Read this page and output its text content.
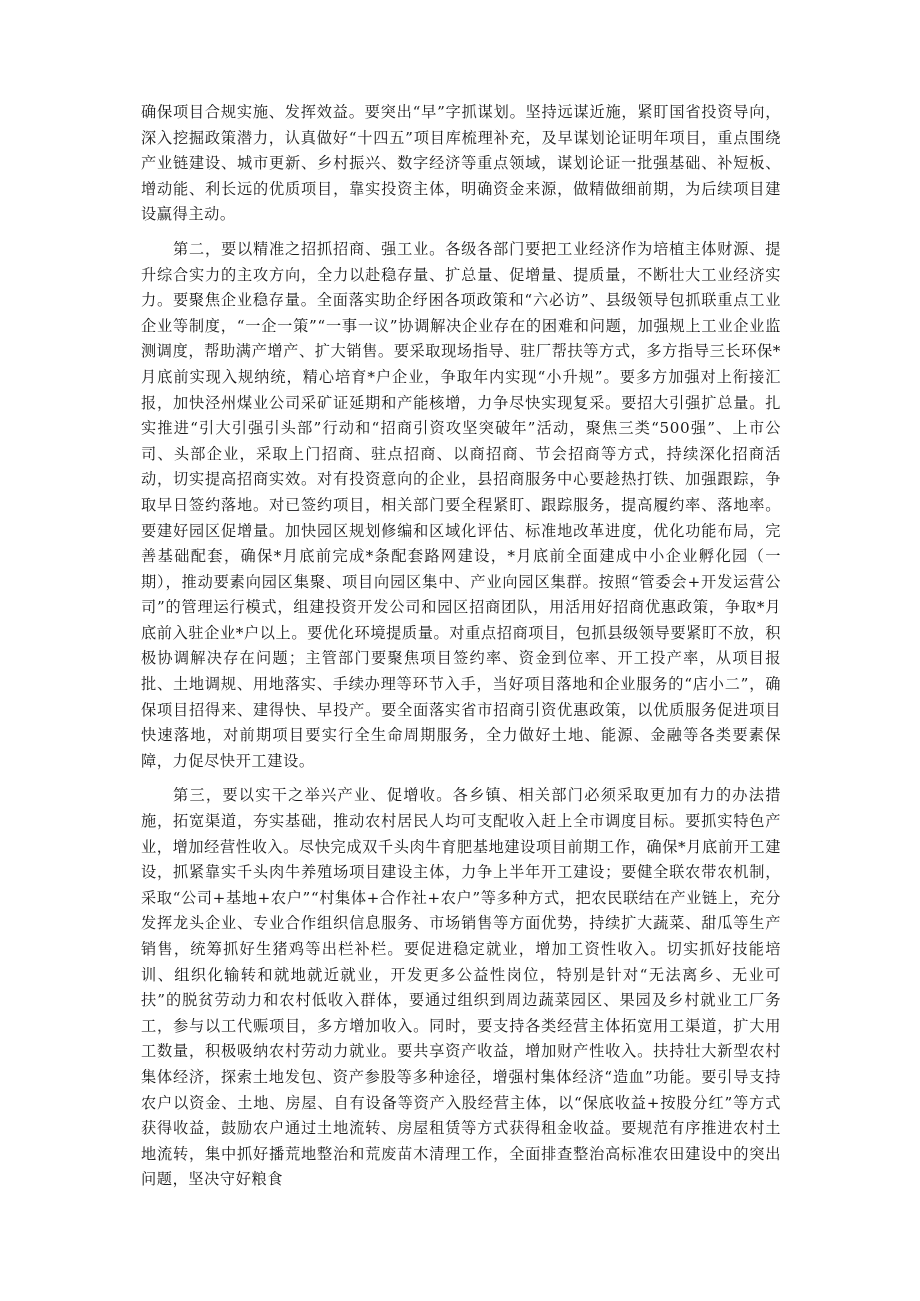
确保项目合规实施、发挥效益。要突出“早”字抓谋划。坚持远谋近施，紧盯国省投资导向，深入挖掘政策潜力，认真做好“十四五”项目库梳理补充，及早谋划论证明年项目，重点围绕产业链建设、城市更新、乡村振兴、数字经济等重点领域，谋划论证一批强基础、补短板、增动能、利长远的优质项目，靠实投资主体，明确资金来源，做精做细前期，为后续项目建设赢得主动。

第二，要以精准之招抓招商、强工业。各级各部门要把工业经济作为培植主体财源、提升综合实力的主攻方向，全力以赴稳存量、扩总量、促增量、提质量，不断壮大工业经济实力。要聚焦企业稳存量。全面落实助企纾困各项政策和“六必访”、县级领导包抓联重点工业企业等制度，“一企一策”“一事一议”协调解决企业存在的困难和问题，加强规上工业企业监测调度，帮助满产增产、扩大销售。要采取现场指导、驻厂帮扶等方式，多方指导三长环保*月底前实现入规纳统，精心培育*户企业，争取年内实现“小升规”。要多方加强对上衔接汇报，加快泾州煤业公司采矿证延期和产能核增，力争尽快实现复采。要招大引强扩总量。扎实推进“引大引强引头部”行动和“招商引资攻坚突破年”活动，聚焦三类“500强”、上市公司、头部企业，采取上门招商、驻点招商、以商招商、节会招商等方式，持续深化招商活动，切实提高招商实效。对有投资意向的企业，县招商服务中心要趁热打铁、加强跟踪，争取早日签约落地。对已签约项目，相关部门要全程紧盯、跟踪服务，提高履约率、落地率。要建好园区促增量。加快园区规划修编和区域化评估、标准地改革进度，优化功能布局，完善基础配套，确保*月底前完成*条配套路网建设，*月底前全面建成中小企业孵化园（一期），推动要素向园区集聚、项目向园区集中、产业向园区集群。按照“管委会+开发运营公司”的管理运行模式，组建投资开发公司和园区招商团队，用活用好招商优惠政策，争取*月底前入驻企业*户以上。要优化环境提质量。对重点招商项目，包抓县级领导要紧盯不放，积极协调解决存在问题；主管部门要聚焦项目签约率、资金到位率、开工投产率，从项目报批、土地调规、用地落实、手续办理等环节入手，当好项目落地和企业服务的“店小二”，确保项目招得来、建得快、早投产。要全面落实省市招商引资优惠政策，以优质服务促进项目快速落地，对前期项目要实行全生命周期服务，全力做好土地、能源、金融等各类要素保障，力促尽快开工建设。

第三，要以实干之举兴产业、促增收。各乡镇、相关部门必须采取更加有力的办法措施，拓宽渠道，夯实基础，推动农村居民人均可支配收入赶上全市调度目标。要抓实特色产业，增加经营性收入。尽快完成双千头肉牛育肥基地建设项目前期工作，确保*月底前开工建设，抓紧靠实千头肉牛养殖场项目建设主体，力争上半年开工建设；要健全联农带农机制，采取“公司+基地+农户”“村集体+合作社+农户”等多种方式，把农民联结在产业链上，充分发挥龙头企业、专业合作组织信息服务、市场销售等方面优势，持续扩大蔬菜、甜瓜等生产销售，统筹抓好生猪鸡等出栏补栏。要促进稳定就业，增加工资性收入。切实抓好技能培训、组织化输转和就地就近就业，开发更多公益性岗位，特别是针对“无法离乡、无业可扶”的脱贫劳动力和农村低收入群体，要通过组织到周边蔬菜园区、果园及乡村就业工厂务工，参与以工代赈项目，多方增加收入。同时，要支持各类经营主体拓宽用工渠道，扩大用工数量，积极吸纳农村劳动力就业。要共享资产收益，增加财产性收入。扶持壮大新型农村集体经济，探索土地发包、资产参股等多种途径，增强村集体经济“造血”功能。要引导支持农户以资金、土地、房屋、自有设备等资产入股经营主体，以“保底收益+按股分红”等方式获得收益，鼓励农户通过土地流转、房屋租赁等方式获得租金收益。要规范有序推进农村土地流转，集中抓好播荒地整治和荒废苗木清理工作，全面排查整治高标准农田建设中的突出问题，坚决守好粮食
